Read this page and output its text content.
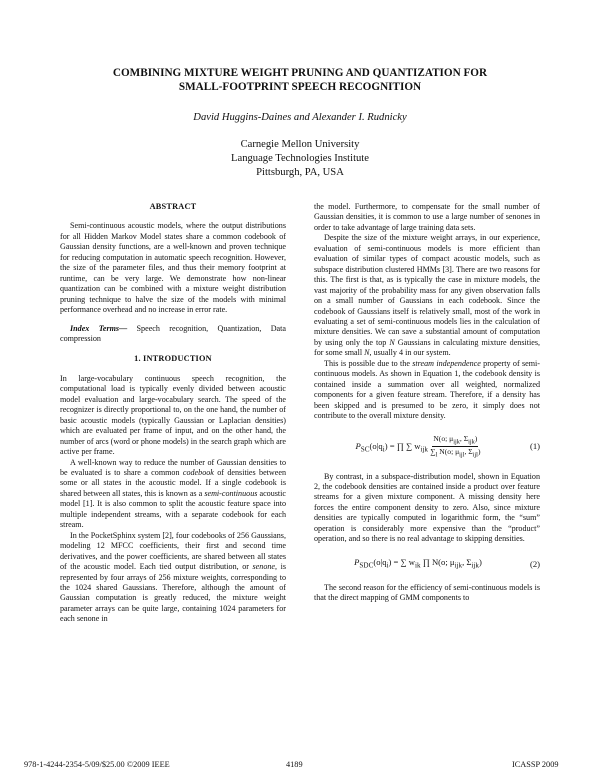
COMBINING MIXTURE WEIGHT PRUNING AND QUANTIZATION FOR
SMALL-FOOTPRINT SPEECH RECOGNITION
David Huggins-Daines and Alexander I. Rudnicky
Carnegie Mellon University
Language Technologies Institute
Pittsburgh, PA, USA
ABSTRACT

Semi-continuous acoustic models, where the output distributions for all Hidden Markov Model states share a common codebook of Gaussian density functions, are a well-known and proven technique for reducing computation in automatic speech recognition. However, the size of the parameter files, and thus their memory footprint at runtime, can be very large. We demonstrate how non-linear quantization can be combined with a mixture weight distribution pruning technique to halve the size of the models with minimal performance overhead and no increase in error rate.

Index Terms— Speech recognition, Quantization, Data compression

1. INTRODUCTION

In large-vocabulary continuous speech recognition, the computational load is typically evenly divided between acoustic model evaluation and large-vocabulary search. The speed of the recognizer is directly proportional to, on the one hand, the number of basic acoustic models (typically Gaussian or Laplacian densities) which are evaluated per frame of input, and on the other hand, the number of arcs (word or phone models) in the search graph which are active per frame.

A well-known way to reduce the number of Gaussian densities to be evaluated is to share a common codebook of densities between some or all states in the acoustic model. If a single codebook is shared between all states, this is known as a semi-continuous acoustic model [1]. It is also common to split the acoustic feature space into multiple independent streams, with a separate codebook for each stream.

In the PocketSphinx system [2], four codebooks of 256 Gaussians, modeling 12 MFCC coefficients, their first and second time derivatives, and the power coefficients, are shared between all states of the acoustic model. Each tied output distribution, or senone, is represented by four arrays of 256 mixture weights, corresponding to the 1024 shared Gaussians. Therefore, although the amount of Gaussian computation is greatly reduced, the mixture weight parameter arrays can be quite large, containing 1024 parameters for each senone in

the model. Furthermore, to compensate for the small number of Gaussian densities, it is common to use a large number of senones in order to take advantage of large training data sets.

Despite the size of the mixture weight arrays, in our experience, evaluation of semi-continuous models is more efficient than evaluation of similar types of compact acoustic models, such as subspace distribution clustered HMMs [3]. There are two reasons for this. The first is that, as is typically the case in mixture models, the vast majority of the probability mass for any given observation falls on a small number of Gaussians in each codebook. Since the codebook of Gaussians itself is relatively small, most of the work in evaluating a set of semi-continuous models lies in the calculation of mixture densities. We can save a substantial amount of computation by using only the top N Gaussians in calculating mixture densities, for some small N, usually 4 in our system.

This is possible due to the stream independence property of semi-continuous models. As shown in Equation 1, the codebook density is contained inside a summation over all weighted, normalized components for a given feature stream. Therefore, if a density has been skipped and is presumed to be zero, it simply does not contribute to the overall mixture density.

$P_{SC}(o|q_i)$ = ∏ ∑ $w_{ijk} \frac{N(o; \mu_{ijk}, \Sigma_{ijk})}{\sum_l N(o; \mu_{ijl}, \Sigma_{ijl})}$	(1)

By contrast, in a subspace-distribution model, shown in Equation 2, the codebook densities are contained inside a product over feature streams for a given mixture component. A missing density here forces the entire component density to zero. Also, since mixture densities are typically computed in logarithmic form, the “sum” operation is considerably more expensive than the “product” operation, and so there is no real advantage to skipping densities.

$P_{SDC}(o|q_i)$ = ∑ $w_{ik}$ ∏ N(o; $\mu_{ijk}$, $\Sigma_{ijk}$)	(2)

The second reason for the efficiency of semi-continuous models is that the direct mapping of GMM components to

978-1-4244-2354-5/09/$25.00 ©2009 IEEE	4189	ICASSP 2009
